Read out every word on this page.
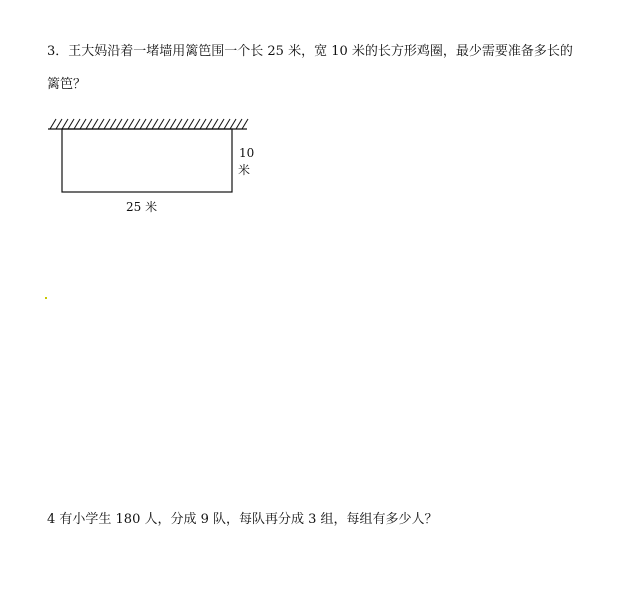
3．王大妈沿着一堵墙用篱笆围一个长 25 米，宽 10 米的长方形鸡圈，最少需要准备多长的
篱笆？
10
米
25 米
4 有小学生 180 人，分成 9 队，每队再分成 3 组，每组有多少人？
